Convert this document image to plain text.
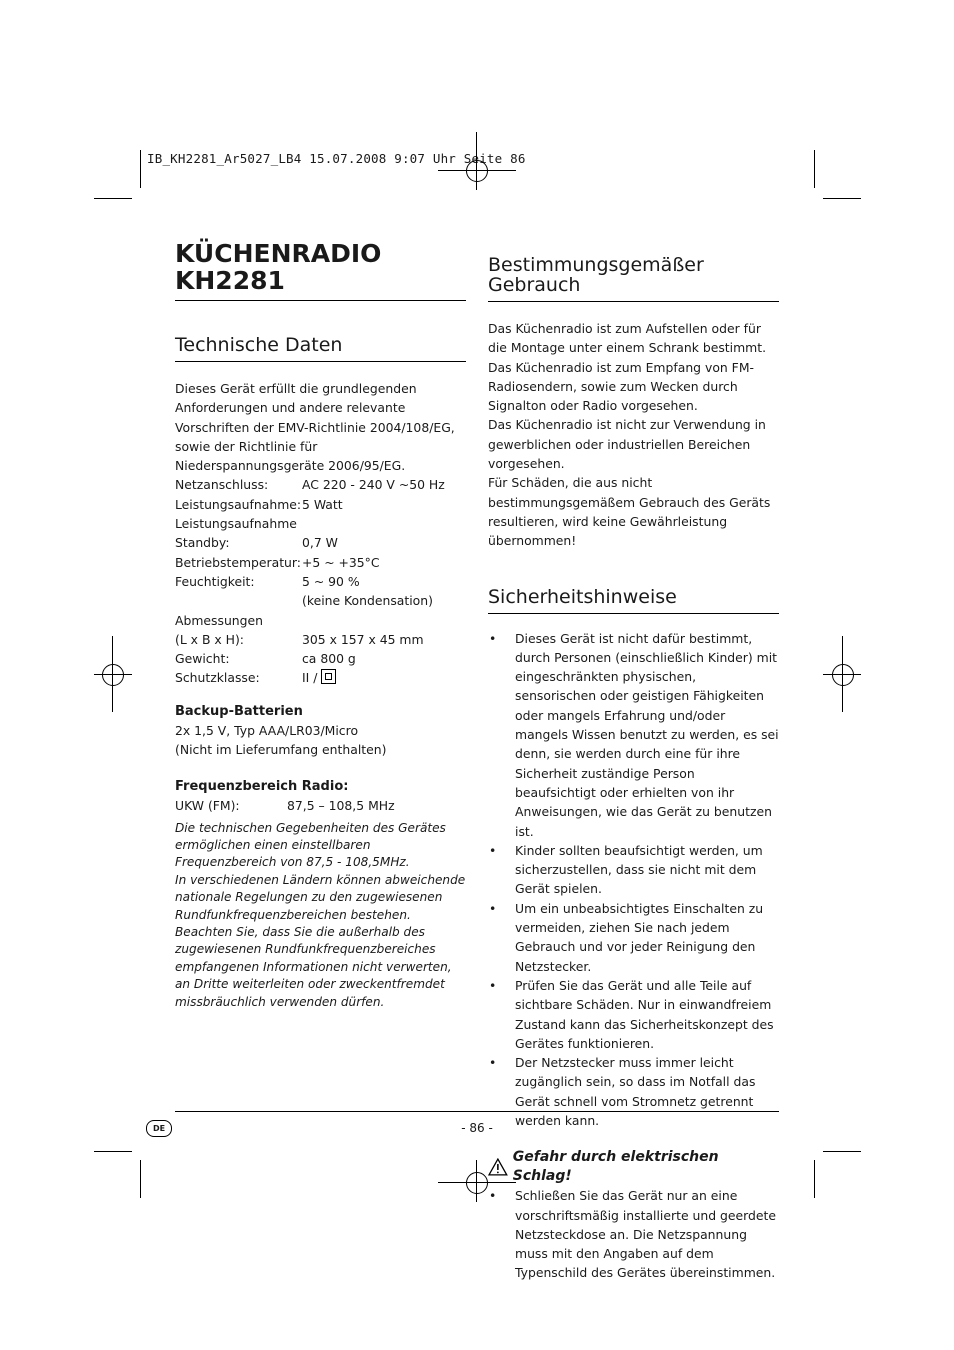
IB_KH2281_Ar5027_LB4 15.07.2008 9:07 Uhr Seite 86
KÜCHENRADIO
KH2281
Technische Daten
Dieses Gerät erfüllt die grundlegenden Anforderungen und andere relevante Vorschriften der EMV-Richtlinie 2004/108/EG, sowie der Richtlinie für Niederspannungsgeräte 2006/95/EG.
Netzanschluss:	AC 220 - 240 V ~50 Hz
Leistungsaufnahme: 5 Watt
Leistungsaufnahme
Standby:	0,7 W
Betriebstemperatur: +5 ~ +35°C
Feuchtigkeit:	5 ~ 90 %
(keine Kondensation)
Abmessungen
(L x B x H):	305 x 157 x 45 mm
Gewicht:	ca 800 g
Schutzklasse:	II /
Backup-Batterien
2x 1,5 V, Typ AAA/LR03/Micro
(Nicht im Lieferumfang enthalten)
Frequenzbereich Radio:
UKW (FM):	87,5 – 108,5 MHz
Die technischen Gegebenheiten des Gerätes ermöglichen einen einstellbaren Frequenzbereich von 87,5 - 108,5MHz.
In verschiedenen Ländern können abweichende nationale Regelungen zu den zugewiesenen Rundfunkfrequenzbereichen bestehen. Beachten Sie, dass Sie die außerhalb des zugewiesenen Rundfunkfrequenzbereiches empfangenen Informationen nicht verwerten, an Dritte weiterleiten oder zweckentfremdet missbräuchlich verwenden dürfen.
Bestimmungsgemäßer
Gebrauch
Das Küchenradio ist zum Aufstellen oder für die Montage unter einem Schrank bestimmt.
Das Küchenradio ist zum Empfang von FM-Radiosendern, sowie zum Wecken durch Signalton oder Radio vorgesehen.
Das Küchenradio ist nicht zur Verwendung in gewerblichen oder industriellen Bereichen vorgesehen.
Für Schäden, die aus nicht bestimmungsgemäßem Gebrauch des Geräts resultieren, wird keine Gewährleistung übernommen!
Sicherheitshinweise
• Dieses Gerät ist nicht dafür bestimmt, durch Personen (einschließlich Kinder) mit eingeschränkten physischen, sensorischen oder geistigen Fähigkeiten oder mangels Erfahrung und/oder mangels Wissen benutzt zu werden, es sei denn, sie werden durch eine für ihre Sicherheit zuständige Person beaufsichtigt oder erhielten von ihr Anweisungen, wie das Gerät zu benutzen ist.
• Kinder sollten beaufsichtigt werden, um sicherzustellen, dass sie nicht mit dem Gerät spielen.
• Um ein unbeabsichtigtes Einschalten zu vermeiden, ziehen Sie nach jedem Gebrauch und vor jeder Reinigung den Netzstecker.
• Prüfen Sie das Gerät und alle Teile auf sichtbare Schäden. Nur in einwandfreiem Zustand kann das Sicherheitskonzept des Gerätes funktionieren.
• Der Netzstecker muss immer leicht zugänglich sein, so dass im Notfall das Gerät schnell vom Stromnetz getrennt werden kann.
Gefahr durch elektrischen Schlag!
• Schließen Sie das Gerät nur an eine vorschriftsmäßig installierte und geerdete Netzsteckdose an. Die Netzspannung muss mit den Angaben auf dem Typenschild des Gerätes übereinstimmen.
DE	- 86 -
